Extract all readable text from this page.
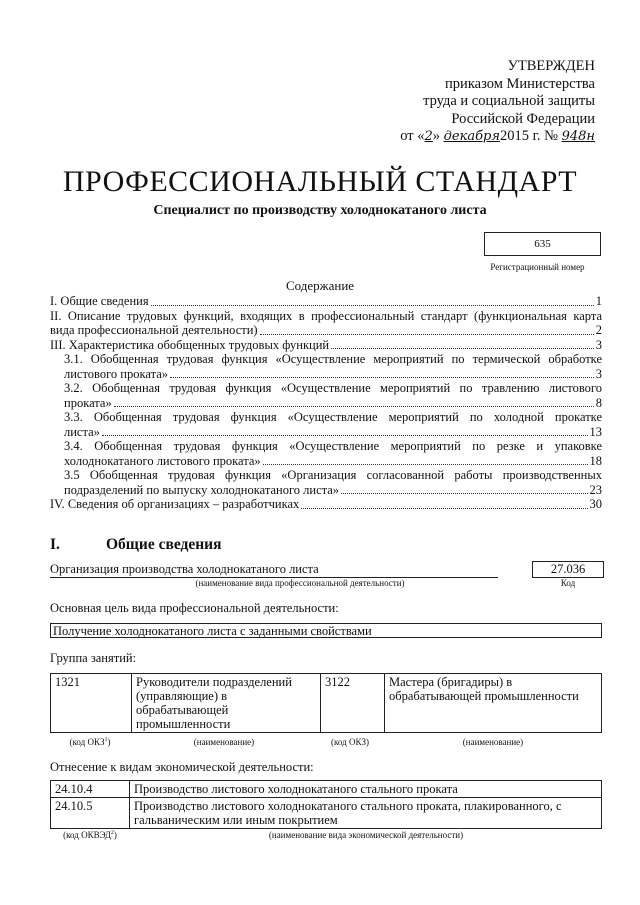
УТВЕРЖДЕН
приказом Министерства
труда и социальной защиты
Российской Федерации
от «2» декабря2015 г. № 948н
ПРОФЕССИОНАЛЬНЫЙ СТАНДАРТ
Специалист по производству холоднокатаного листа
635
Регистрационный номер
Содержание
I. Общие сведения	1
II. Описание трудовых функций, входящих в профессиональный стандарт (функциональная карта
вида профессиональной деятельности)	2
III. Характеристика обобщенных трудовых функций	3
3.1. Обобщенная трудовая функция «Осуществление мероприятий по термической обработке
листового проката»	3
3.2. Обобщенная трудовая функция «Осуществление мероприятий по травлению листового
проката»	8
3.3. Обобщенная трудовая функция «Осуществление мероприятий по холодной прокатке
листа»	13
3.4. Обобщенная трудовая функция «Осуществление мероприятий по резке и упаковке
холоднокатаного листового проката»	18
3.5 Обобщенная трудовая функция «Организация согласованной работы производственных
подразделений по выпуску холоднокатаного листа»	23
IV. Сведения об организациях – разработчиках	30
I.	Общие сведения
Организация производства холоднокатаного листа
(наименование вида профессиональной деятельности)
27.036
Код
Основная цель вида профессиональной деятельности:
Получение холоднокатаного листа с заданными свойствами
Группа занятий:
1321	Руководители подразделений (управляющие) в обрабатывающей промышленности	3122	Мастера (бригадиры) в обрабатывающей промышленности
(код ОКЗ$^1$)	(наименование)	(код ОКЗ)	(наименование)
Отнесение к видам экономической деятельности:
24.10.4	Производство листового холоднокатаного стального проката
24.10.5	Производство листового холоднокатаного стального проката, плакированного, с гальваническим или иным покрытием
(код ОКВЭД$^2$)	(наименование вида экономической деятельности)
